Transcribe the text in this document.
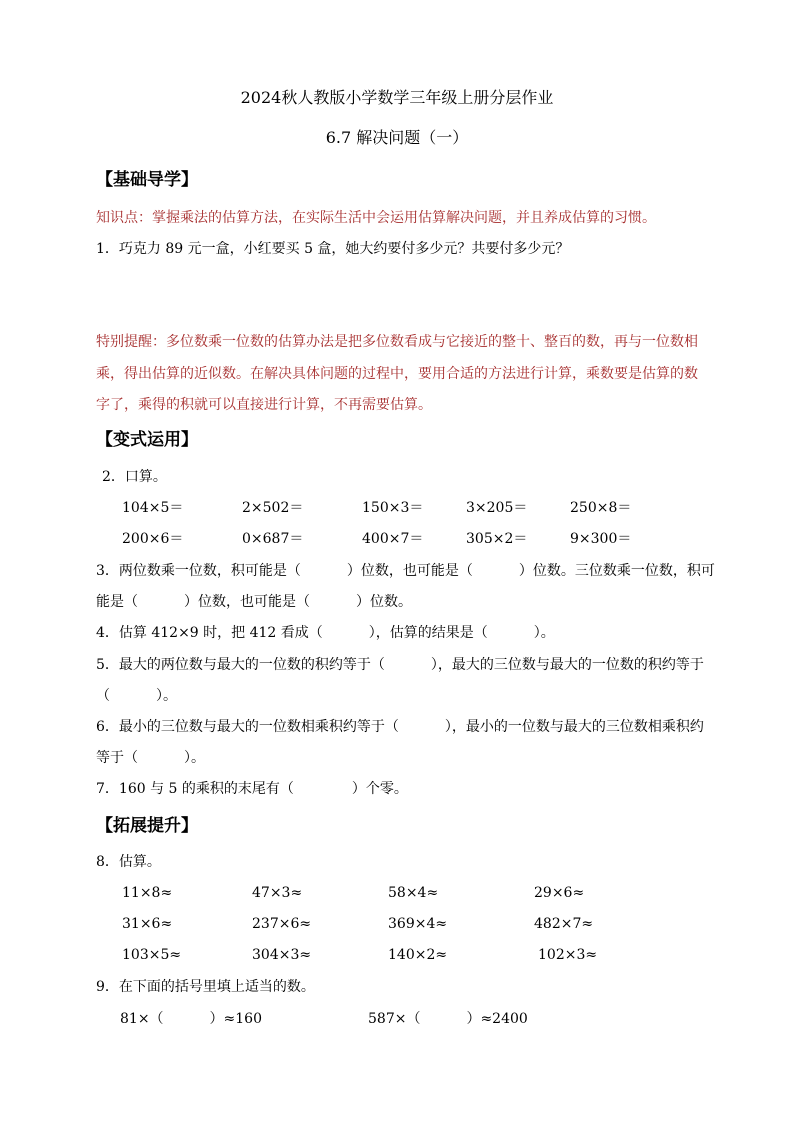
2024秋人教版小学数学三年级上册分层作业
6.7 解决问题（一）
【基础导学】
知识点：掌握乘法的估算方法，在实际生活中会运用估算解决问题，并且养成估算的习惯。
1．巧克力 89 元一盒，小红要买 5 盒，她大约要付多少元？共要付多少元？
特别提醒：多位数乘一位数的估算办法是把多位数看成与它接近的整十、整百的数，再与一位数相
乘，得出估算的近似数。在解决具体问题的过程中，要用合适的方法进行计算，乘数要是估算的数
字了，乘得的积就可以直接进行计算，不再需要估算。
【变式运用】
2．口算。
104×5＝	2×502＝	150×3＝	3×205＝	250×8＝
200×6＝	0×687＝	400×7＝	305×2＝	9×300＝
3．两位数乘一位数，积可能是（	）位数，也可能是（	）位数。三位数乘一位数，积可
能是（	）位数，也可能是（	）位数。
4．估算 412×9 时，把 412 看成（	），估算的结果是（	）。
5．最大的两位数与最大的一位数的积约等于（	），最大的三位数与最大的一位数的积约等于
（	）。
6．最小的三位数与最大的一位数相乘积约等于（	），最小的一位数与最大的三位数相乘积约
等于（	）。
7．160 与 5 的乘积的末尾有（	）个零。
【拓展提升】
8．估算。
11×8≈	47×3≈	58×4≈	29×6≈
31×6≈	237×6≈	369×4≈	482×7≈
103×5≈	304×3≈	140×2≈	102×3≈
9．在下面的括号里填上适当的数。
81×（	）≈160	587×（	）≈2400
